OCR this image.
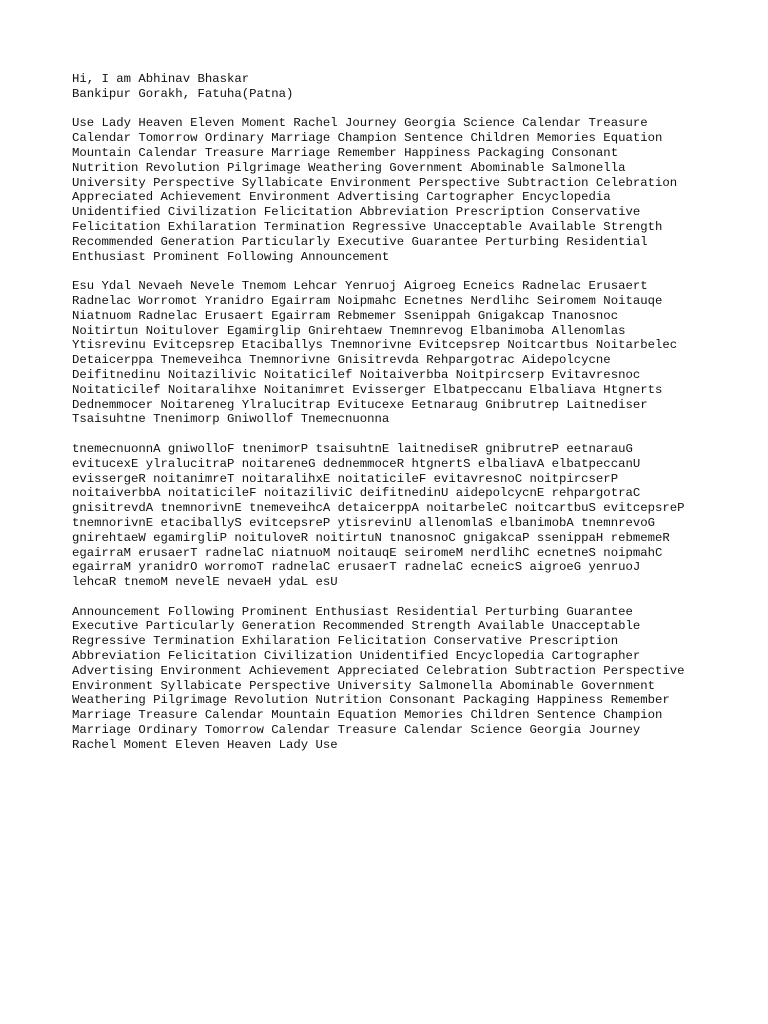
Hi, I am Abhinav Bhaskar
Bankipur Gorakh, Fatuha(Patna)
Use Lady Heaven Eleven Moment Rachel Journey Georgia Science Calendar Treasure
Calendar Tomorrow Ordinary Marriage Champion Sentence Children Memories Equation
Mountain Calendar Treasure Marriage Remember Happiness Packaging Consonant
Nutrition Revolution Pilgrimage Weathering Government Abominable Salmonella
University Perspective Syllabicate Environment Perspective Subtraction Celebration
Appreciated Achievement Environment Advertising Cartographer Encyclopedia
Unidentified Civilization Felicitation Abbreviation Prescription Conservative
Felicitation Exhilaration Termination Regressive Unacceptable Available Strength
Recommended Generation Particularly Executive Guarantee Perturbing Residential
Enthusiast Prominent Following Announcement
Esu Ydal Nevaeh Nevele Tnemom Lehcar Yenruoj Aigroeg Ecneics Radnelac Erusaert
Radnelac Worromot Yranidro Egairram Noipmahc Ecnetnes Nerdlihc Seiromem Noitauqe
Niatnuom Radnelac Erusaert Egairram Rebmemer Ssenippah Gnigakcap Tnanosnoc
Noitirtun Noitulover Egamirglip Gnirehtaew Tnemnrevog Elbanimoba Allenomlas
Ytisrevinu Evitcepsrep Etaciballys Tnemnorivne Evitcepsrep Noitcartbus Noitarbelec
Detaicerppa Tnemeveihca Tnemnorivne Gnisitrevda Rehpargotrac Aidepolcycne
Deifitnedinu Noitazilivic Noitaticilef Noitaiverbba Noitpircserp Evitavresnoc
Noitaticilef Noitaralihxe Noitanimret Evisserger Elbatpeccanu Elbaliava Htgnerts
Dednemmocer Noitareneg Ylralucitrap Evitucexe Eetnaraug Gnibrutrep Laitnediser
Tsaisuhtne Tnenimorp Gniwollof Tnemecnuonna
tnemecnuonnA gniwolloF tnenimorP tsaisuhtnE laitnediseR gnibrutreP eetnarauG
evitucexE ylralucitraP noitareneG dednemmoceR htgnertS elbaliavA elbatpeccanU
evissergeR noitanimreT noitaralihxE noitaticileF evitavresnoC noitpircserP
noitaiverbbA noitaticileF noitaziliviC deifitnedinU aidepolcycnE rehpargotraC
gnisitrevdA tnemnorivnE tnemeveihcA detaicerppA noitarbeleC noitcartbuS evitcepsreP
tnemnorivnE etaciballyS evitcepsreP ytisrevinU allenomlaS elbanimobA tnemnrevoG
gnirehtaeW egamirgliP noituloveR noitirtuN tnanosnoC gnigakcaP ssenippaH rebmemeR
egairraM erusaerT radnelaC niatnuoM noitauqE seiromeM nerdlihC ecnetneS noipmahC
egairraM yranidrO worromoT radnelaC erusaerT radnelaC ecneicS aigroeG yenruoJ
lehcaR tnemoM nevelE nevaeH ydaL esU
Announcement Following Prominent Enthusiast Residential Perturbing Guarantee
Executive Particularly Generation Recommended Strength Available Unacceptable
Regressive Termination Exhilaration Felicitation Conservative Prescription
Abbreviation Felicitation Civilization Unidentified Encyclopedia Cartographer
Advertising Environment Achievement Appreciated Celebration Subtraction Perspective
Environment Syllabicate Perspective University Salmonella Abominable Government
Weathering Pilgrimage Revolution Nutrition Consonant Packaging Happiness Remember
Marriage Treasure Calendar Mountain Equation Memories Children Sentence Champion
Marriage Ordinary Tomorrow Calendar Treasure Calendar Science Georgia Journey
Rachel Moment Eleven Heaven Lady Use
